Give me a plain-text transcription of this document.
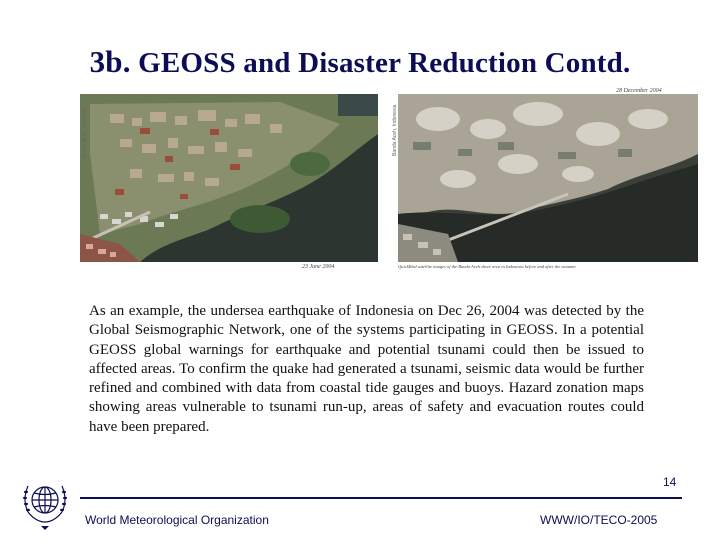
3b. GEOSS and Disaster Reduction Contd.
Banda Aceh, Indonesia
23 June 2004
Banda Aceh, Indonesia
28 December 2004
QuickBird satellite images of the Banda Aceh shore area in Indonesia before and after the tsunami
As an example, the undersea earthquake of Indonesia on Dec 26, 2004 was detected by the Global Seismographic Network, one of the systems participating in GEOSS. In a potential GEOSS global warnings for earthquake and potential tsunami could then be issued to affected areas. To confirm the quake had generated a tsunami, seismic data would be further refined and combined with data from coastal tide gauges and buoys. Hazard zonation maps showing areas vulnerable to tsunami run-up, areas of safety and evacuation routes could have been prepared.
14
World Meteorological Organization	WWW/IO/TECO-2005
